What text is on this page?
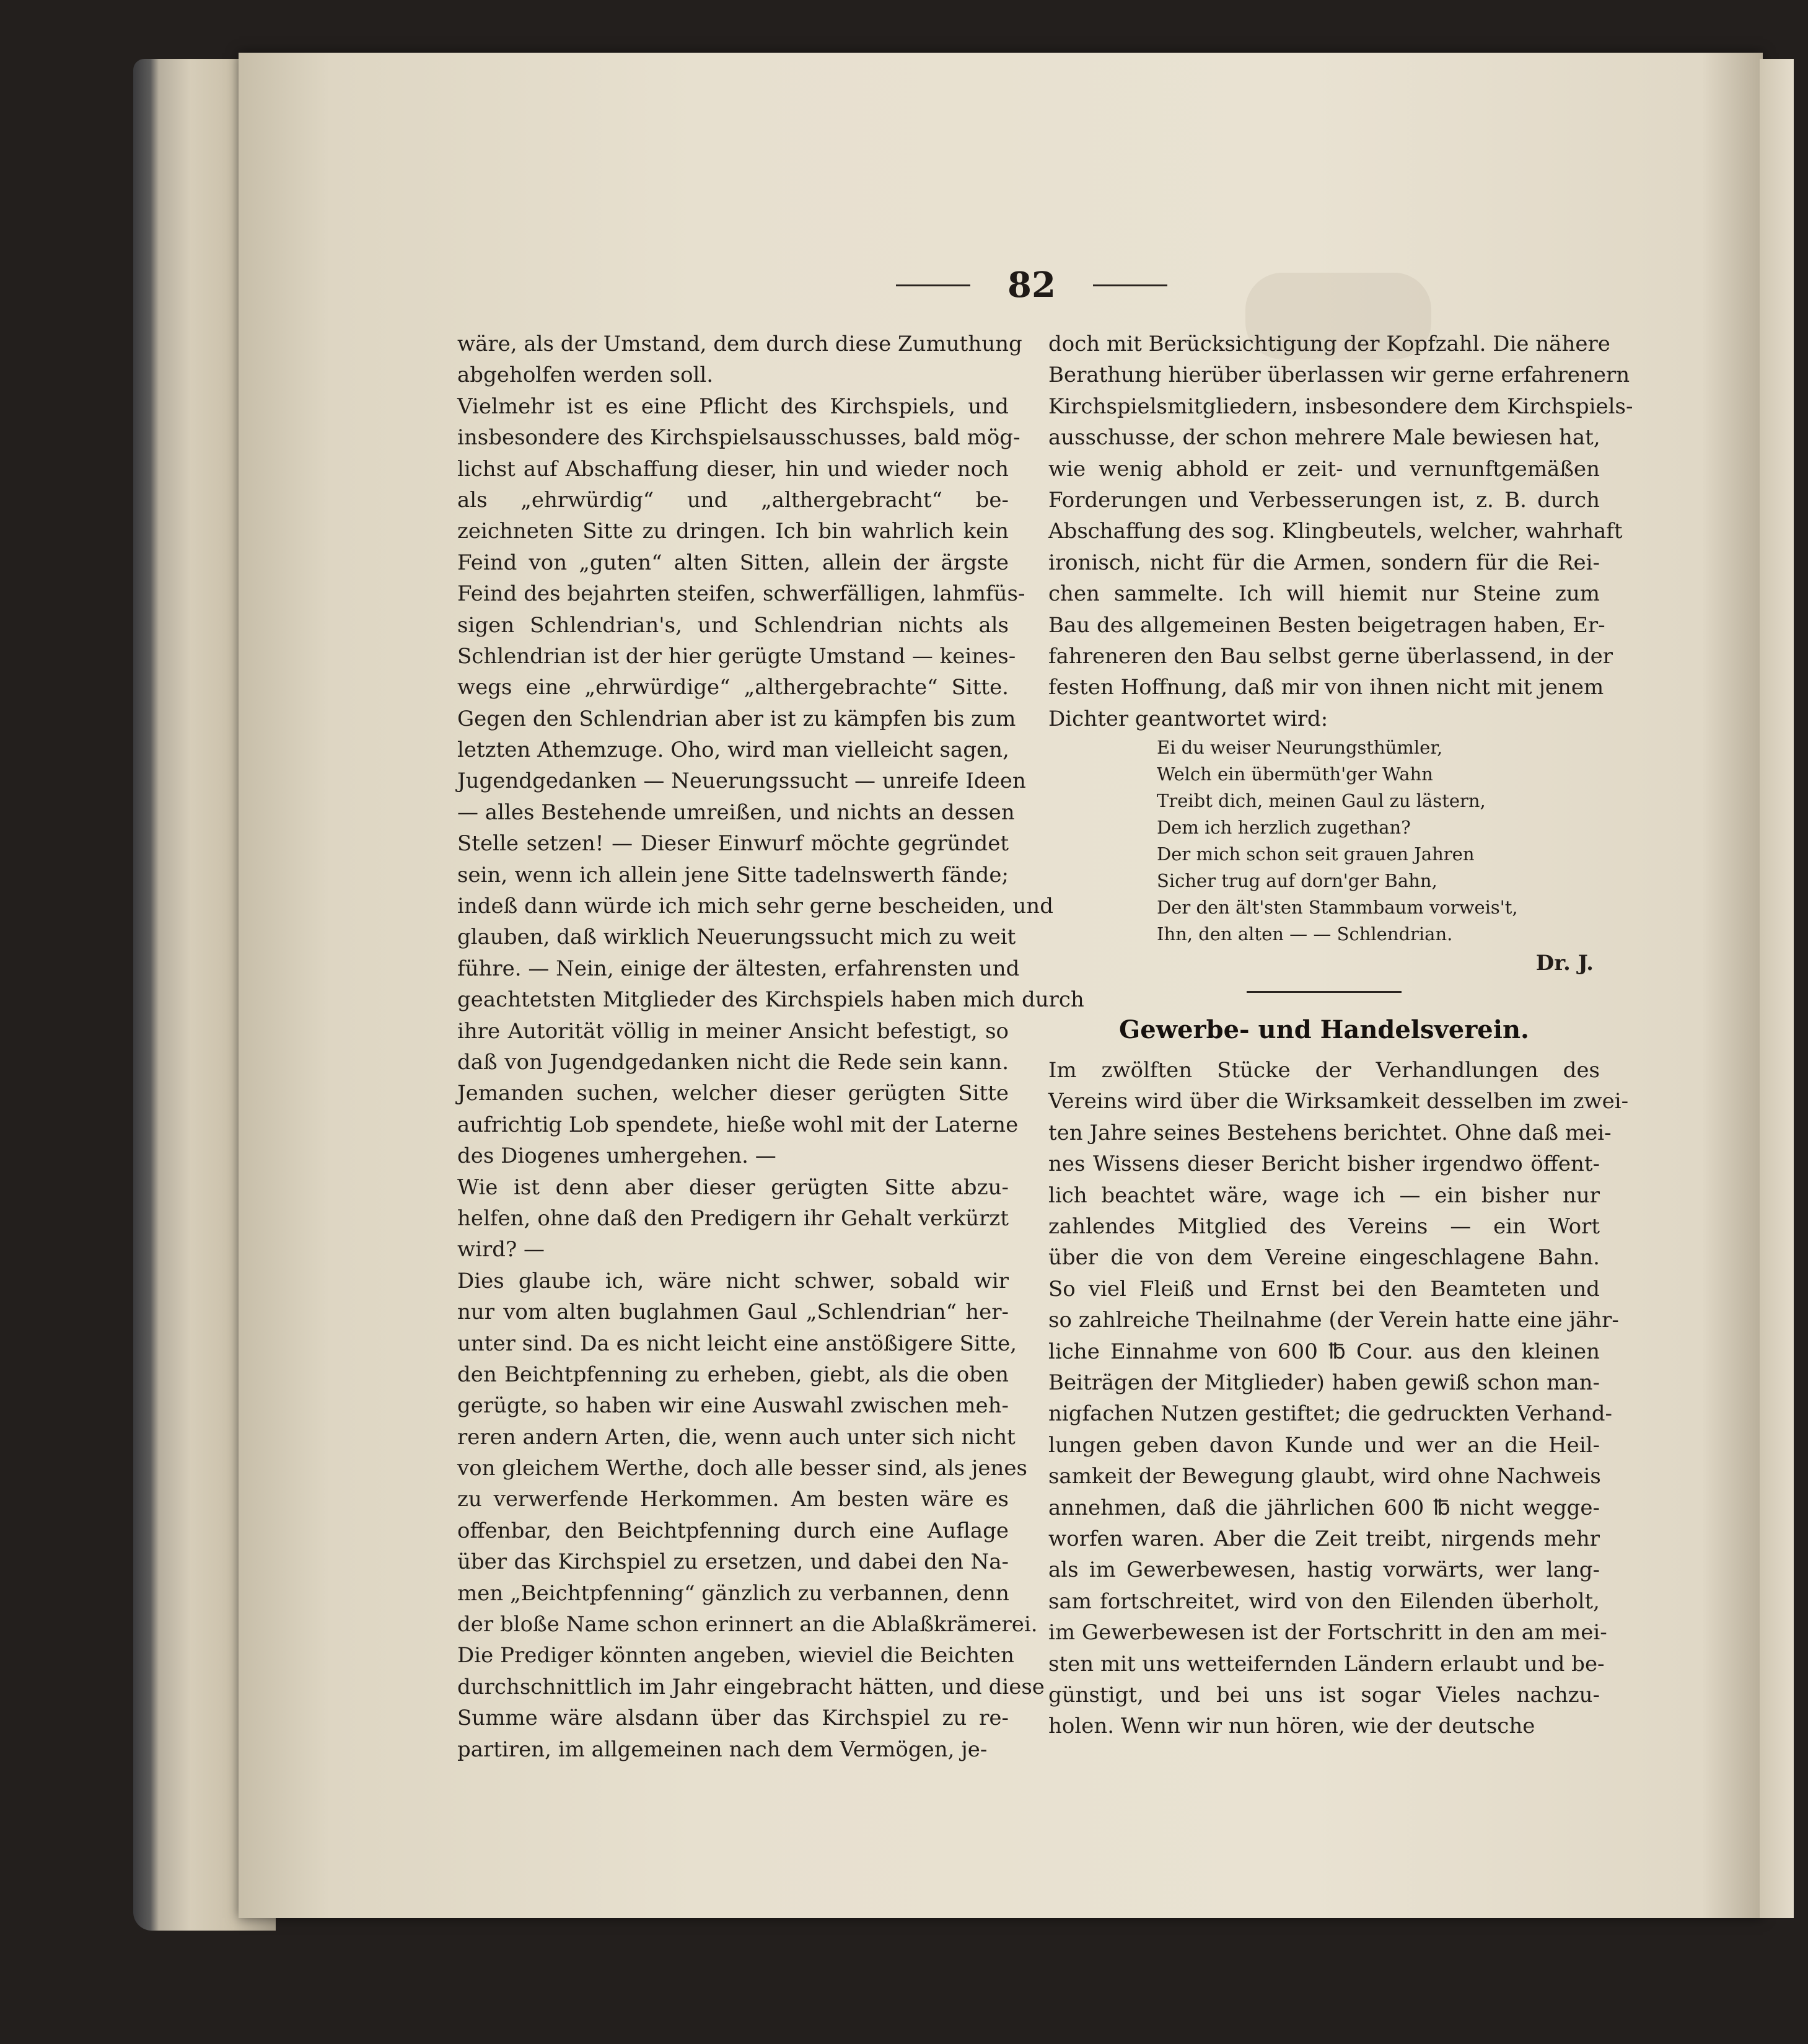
82
wäre, als der Umstand, dem durch diese Zumuthung
abgeholfen werden soll.
Vielmehr ist es eine Pflicht des Kirchspiels, und
insbesondere des Kirchspielsausschusses, bald mög-
lichst auf Abschaffung dieser, hin und wieder noch
als „ehrwürdig“ und „althergebracht“ be-
zeichneten Sitte zu dringen. Ich bin wahrlich kein
Feind von „guten“ alten Sitten, allein der ärgste
Feind des bejahrten steifen, schwerfälligen, lahmfüs-
sigen Schlendrian's, und Schlendrian nichts als
Schlendrian ist der hier gerügte Umstand — keines-
wegs eine „ehrwürdige“ „althergebrachte“ Sitte.
Gegen den Schlendrian aber ist zu kämpfen bis zum
letzten Athemzuge. Oho, wird man vielleicht sagen,
Jugendgedanken — Neuerungssucht — unreife Ideen
— alles Bestehende umreißen, und nichts an dessen
Stelle setzen! — Dieser Einwurf möchte gegründet
sein, wenn ich allein jene Sitte tadelnswerth fände;
indeß dann würde ich mich sehr gerne bescheiden, und
glauben, daß wirklich Neuerungssucht mich zu weit
führe. — Nein, einige der ältesten, erfahrensten und
geachtetsten Mitglieder des Kirchspiels haben mich durch
ihre Autorität völlig in meiner Ansicht befestigt, so
daß von Jugendgedanken nicht die Rede sein kann.
Jemanden suchen, welcher dieser gerügten Sitte
aufrichtig Lob spendete, hieße wohl mit der Laterne
des Diogenes umhergehen. —
Wie ist denn aber dieser gerügten Sitte abzu-
helfen, ohne daß den Predigern ihr Gehalt verkürzt
wird? —
Dies glaube ich, wäre nicht schwer, sobald wir
nur vom alten buglahmen Gaul „Schlendrian“ her-
unter sind. Da es nicht leicht eine anstößigere Sitte,
den Beichtpfenning zu erheben, giebt, als die oben
gerügte, so haben wir eine Auswahl zwischen meh-
reren andern Arten, die, wenn auch unter sich nicht
von gleichem Werthe, doch alle besser sind, als jenes
zu verwerfende Herkommen. Am besten wäre es
offenbar, den Beichtpfenning durch eine Auflage
über das Kirchspiel zu ersetzen, und dabei den Na-
men „Beichtpfenning“ gänzlich zu verbannen, denn
der bloße Name schon erinnert an die Ablaßkrämerei.
Die Prediger könnten angeben, wieviel die Beichten
durchschnittlich im Jahr eingebracht hätten, und diese
Summe wäre alsdann über das Kirchspiel zu re-
partiren, im allgemeinen nach dem Vermögen, je-
doch mit Berücksichtigung der Kopfzahl. Die nähere
Berathung hierüber überlassen wir gerne erfahrenern
Kirchspielsmitgliedern, insbesondere dem Kirchspiels-
ausschusse, der schon mehrere Male bewiesen hat,
wie wenig abhold er zeit- und vernunftgemäßen
Forderungen und Verbesserungen ist, z. B. durch
Abschaffung des sog. Klingbeutels, welcher, wahrhaft
ironisch, nicht für die Armen, sondern für die Rei-
chen sammelte. Ich will hiemit nur Steine zum
Bau des allgemeinen Besten beigetragen haben, Er-
fahreneren den Bau selbst gerne überlassend, in der
festen Hoffnung, daß mir von ihnen nicht mit jenem
Dichter geantwortet wird:
Ei du weiser Neurungsthümler,
Welch ein übermüth'ger Wahn
Treibt dich, meinen Gaul zu lästern,
Dem ich herzlich zugethan?
Der mich schon seit grauen Jahren
Sicher trug auf dorn'ger Bahn,
Der den ält'sten Stammbaum vorweis't,
Ihn, den alten — — Schlendrian.
Dr. J.
Gewerbe- und Handelsverein.
Im zwölften Stücke der Verhandlungen des
Vereins wird über die Wirksamkeit desselben im zwei-
ten Jahre seines Bestehens berichtet. Ohne daß mei-
nes Wissens dieser Bericht bisher irgendwo öffent-
lich beachtet wäre, wage ich — ein bisher nur
zahlendes Mitglied des Vereins — ein Wort
über die von dem Vereine eingeschlagene Bahn.
So viel Fleiß und Ernst bei den Beamteten und
so zahlreiche Theilnahme (der Verein hatte eine jähr-
liche Einnahme von 600 ℔ Cour. aus den kleinen
Beiträgen der Mitglieder) haben gewiß schon man-
nigfachen Nutzen gestiftet; die gedruckten Verhand-
lungen geben davon Kunde und wer an die Heil-
samkeit der Bewegung glaubt, wird ohne Nachweis
annehmen, daß die jährlichen 600 ℔ nicht wegge-
worfen waren. Aber die Zeit treibt, nirgends mehr
als im Gewerbewesen, hastig vorwärts, wer lang-
sam fortschreitet, wird von den Eilenden überholt,
im Gewerbewesen ist der Fortschritt in den am mei-
sten mit uns wetteifernden Ländern erlaubt und be-
günstigt, und bei uns ist sogar Vieles nachzu-
holen. Wenn wir nun hören, wie der deutsche
